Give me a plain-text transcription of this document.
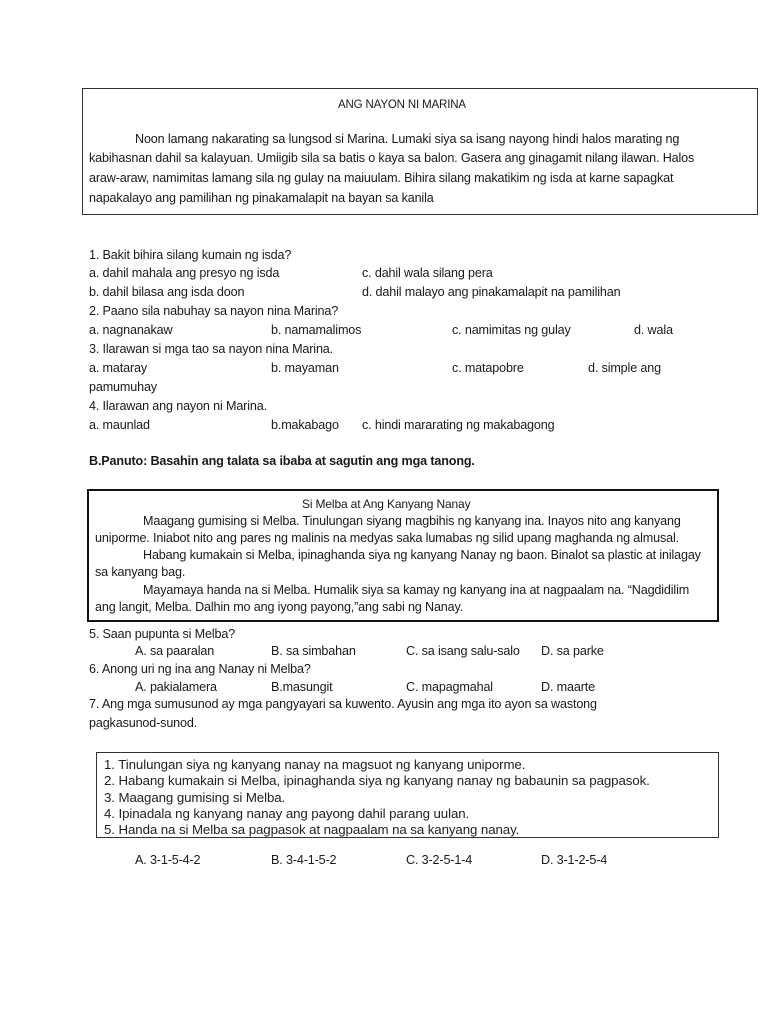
ANG NAYON NI MARINA
Noon lamang nakarating sa lungsod si Marina. Lumaki siya sa isang nayong hindi halos marating ng
kabihasnan dahil sa kalayuan. Umiigib sila sa batis o kaya sa balon. Gasera ang ginagamit nilang ilawan. Halos
araw-araw, namimitas lamang sila ng gulay na maiuulam. Bihira silang makatikim ng isda at karne sapagkat
napakalayo ang pamilihan ng pinakamalapit na bayan sa kanila
1. Bakit bihira silang kumain ng isda?
a. dahil mahala ang presyo ng isda	c. dahil wala silang pera
b. dahil bilasa ang isda doon	d. dahil malayo ang pinakamalapit na pamilihan
2. Paano sila nabuhay sa nayon nina Marina?
a. nagnanakaw	b. namamalimos	c. namimitas ng gulay	d. wala
3. Ilarawan si mga tao sa nayon nina Marina.
a. mataray	b. mayaman	c. matapobre	d. simple ang
pamumuhay
4. Ilarawan ang nayon ni Marina.
a. maunlad	b.makabago c. hindi mararating ng makabagong
B.Panuto: Basahin ang talata sa ibaba at sagutin ang mga tanong.
Si Melba at Ang Kanyang Nanay
Maagang gumising si Melba. Tinulungan siyang magbihis ng kanyang ina. Inayos nito ang kanyang
uniporme. Iniabot nito ang pares ng malinis na medyas saka lumabas ng silid upang maghanda ng almusal.
Habang kumakain si Melba, ipinaghanda siya ng kanyang Nanay ng baon. Binalot sa plastic at inilagay
sa kanyang bag.
Mayamaya handa na si Melba. Humalik siya sa kamay ng kanyang ina at nagpaalam na. “Nagdidilim
ang langit, Melba. Dalhin mo ang iyong payong,”ang sabi ng Nanay.
5. Saan pupunta si Melba?
A. sa paaralan	B. sa simbahan	C. sa isang salu-salo D. sa parke
6. Anong uri ng ina ang Nanay ni Melba?
A. pakialamera	B.masungit	C. mapagmahal	D. maarte
7. Ang mga sumusunod ay mga pangyayari sa kuwento. Ayusin ang mga ito ayon sa wastong
pagkasunod-sunod.
1. Tinulungan siya ng kanyang nanay na magsuot ng kanyang uniporme.
2. Habang kumakain si Melba, ipinaghanda siya ng kanyang nanay ng babaunin sa pagpasok.
3. Maagang gumising si Melba.
4. Ipinadala ng kanyang nanay ang payong dahil parang uulan.
5. Handa na si Melba sa pagpasok at nagpaalam na sa kanyang nanay.
A. 3-1-5-4-2	B. 3-4-1-5-2	C. 3-2-5-1-4	D. 3-1-2-5-4
